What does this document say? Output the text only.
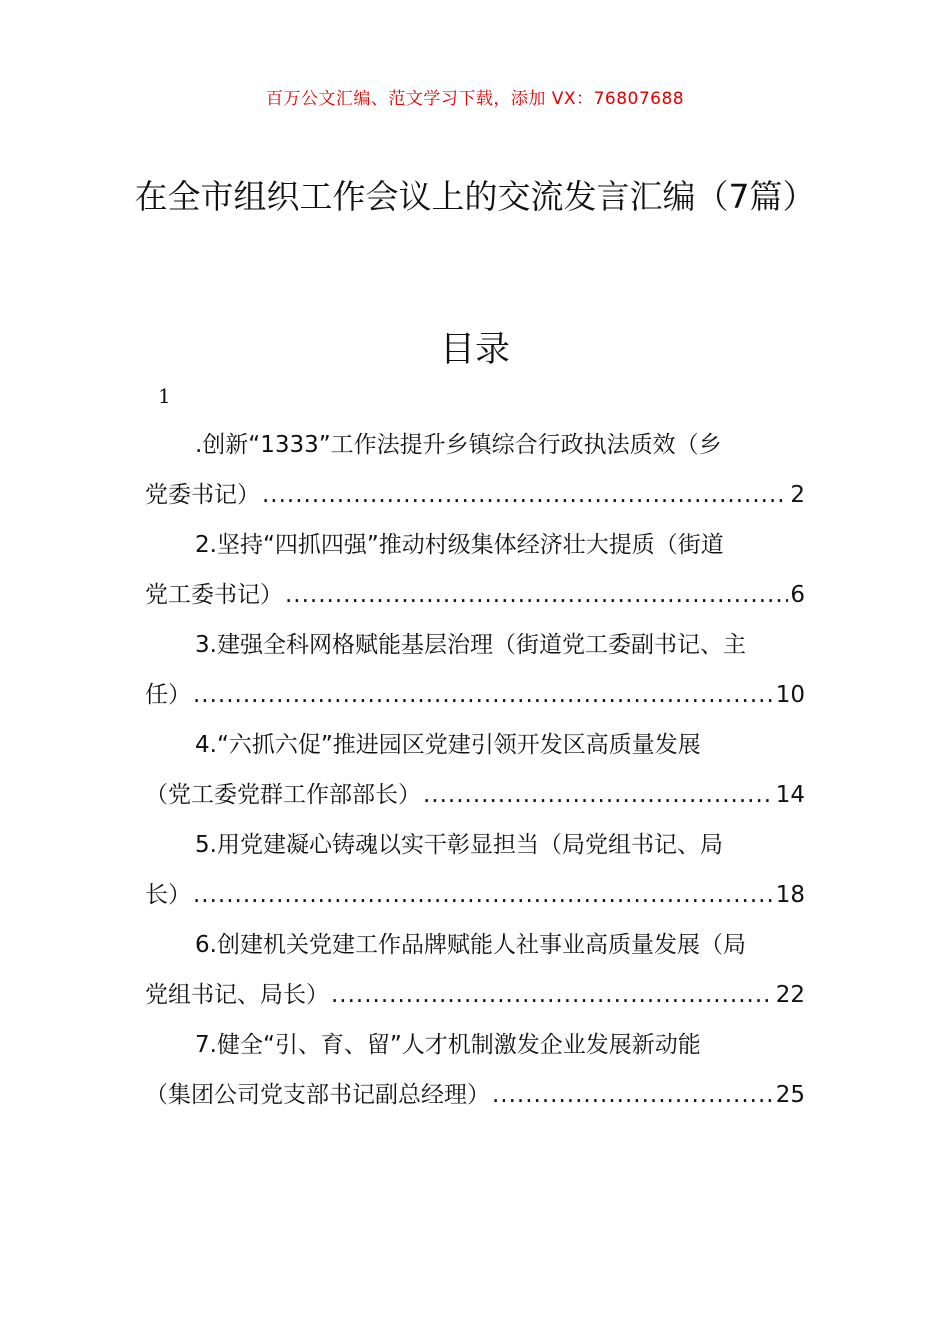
百万公文汇编、范文学习下载，添加 VX：76807688
在全市组织工作会议上的交流发言汇编（7篇）
目录
1
.创新“1333”工作法提升乡镇综合行政执法质效（乡
党委书记） .....	2
2.坚持“四抓四强”推动村级集体经济壮大提质（街道
党工委书记） .....	6
3.建强全科网格赋能基层治理（街道党工委副书记、主
任） .....	10
4.“六抓六促”推进园区党建引领开发区高质量发展
（党工委党群工作部部长） .....	14
5.用党建凝心铸魂以实干彰显担当（局党组书记、局
长） .....	18
6.创建机关党建工作品牌赋能人社事业高质量发展（局
党组书记、局长） .....	22
7.健全“引、育、留”人才机制激发企业发展新动能
（集团公司党支部书记副总经理） .....	25
